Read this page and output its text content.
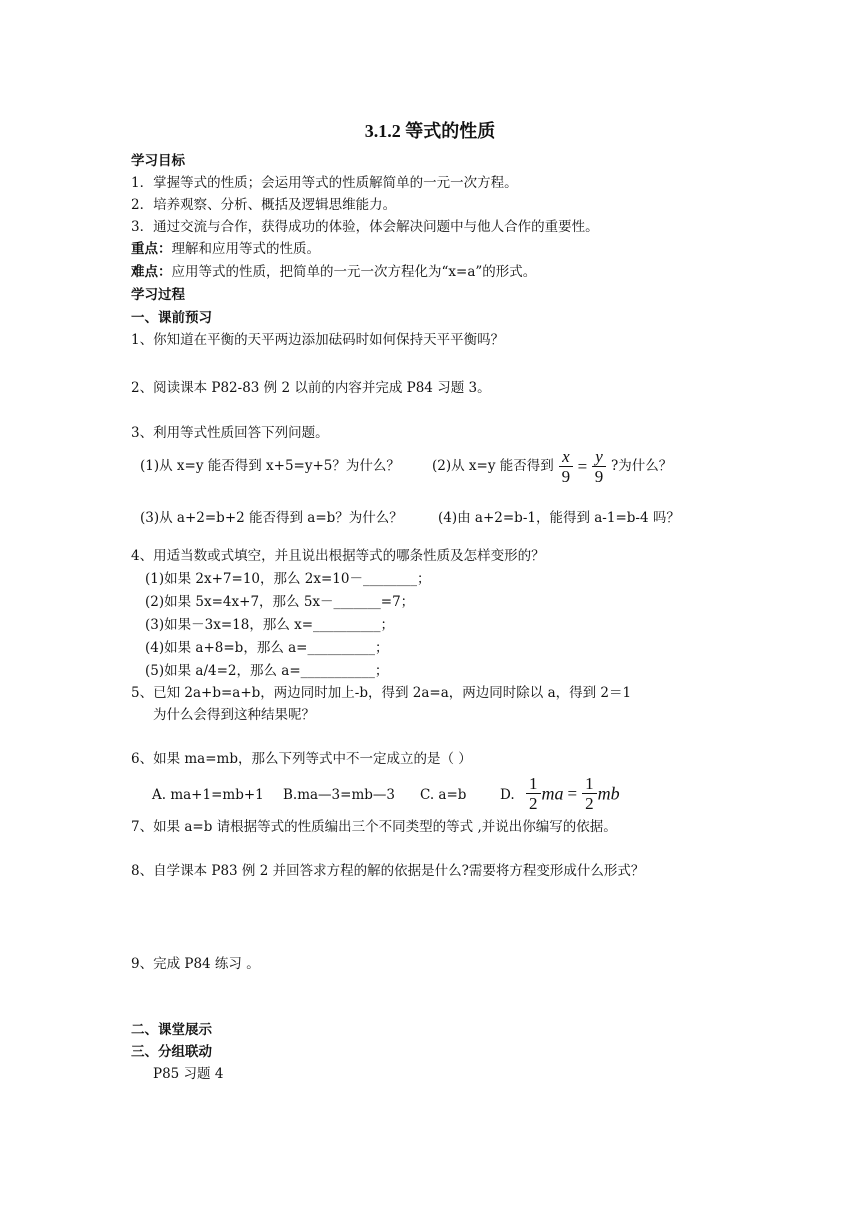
3.1.2 等式的性质
学习目标
1．掌握等式的性质；会运用等式的性质解简单的一元一次方程。
2．培养观察、分析、概括及逻辑思维能力。
3．通过交流与合作，获得成功的体验，体会解决问题中与他人合作的重要性。
重点：理解和应用等式的性质。
难点：应用等式的性质，把简单的一元一次方程化为“x=a”的形式。
学习过程
一、课前预习
1、你知道在平衡的天平两边添加砝码时如何保持天平平衡吗？
2、阅读课本 P82-83 例 2 以前的内容并完成 P84 习题 3。
3、利用等式性质回答下列问题。
(1)从 x=y 能否得到 x+5=y+5？为什么？ (2)从 x=y 能否得到 $\frac{x}{9} = \frac{y}{9}$ ?为什么？
(3)从 a+2=b+2 能否得到 a=b？为什么？	(4)由 a+2=b-1，能得到 a-1=b-4 吗？
4、用适当数或式填空，并且说出根据等式的哪条性质及怎样变形的？
(1)如果 2x+7=10，那么 2x=10－________；
(2)如果 5x=4x+7，那么 5x－_______=7；
(3)如果－3x=18，那么 x=__________；
(4)如果 a+8=b，那么 a=__________；
(5)如果 a/4=2，那么 a=___________；
5、已知 2a+b=a+b，两边同时加上-b，得到 2a=a，两边同时除以 a，得到 2＝1
为什么会得到这种结果呢？
6、如果 ma=mb，那么下列等式中不一定成立的是（ ）
A. ma+1=mb+1 B.ma—3=mb—3 C. a=b D. $\frac{1}{2}$ ma = $\frac{1}{2}$ mb
7、如果 a=b 请根据等式的性质编出三个不同类型的等式 ,并说出你编写的依据。
8、自学课本 P83 例 2 并回答求方程的解的依据是什么?需要将方程变形成什么形式？
9、完成 P84 练习 。
二、课堂展示
三、分组联动
P85 习题 4
